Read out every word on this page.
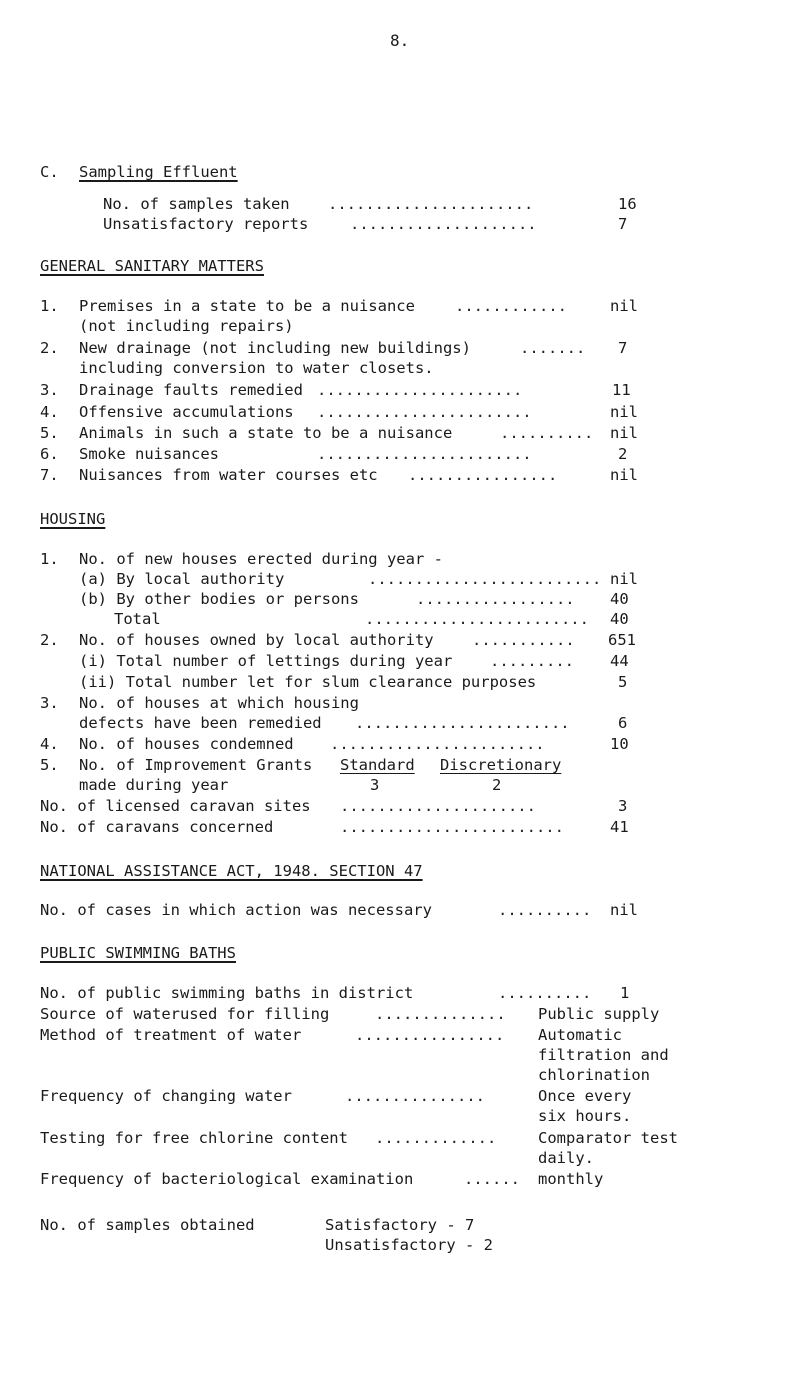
8.
C. Sampling Effluent
No. of samples taken ......................	16
Unsatisfactory reports	....................	7
GENERAL SANITARY MATTERS
1. Premises in a state to be a nuisance	............	nil
(not including repairs)
2. New drainage (not including new buildings)	....... 7
including conversion to water closets.
3. Drainage faults remedied ......................	11
4. Offensive accumulations .......................	nil
5. Animals in such a state to be a nuisance	.......... nil
6. Smoke nuisances	.......................	2
7. Nuisances from water courses etc ................	nil
HOUSING
1. No. of new houses erected during year -
(a) By local authority	......................... nil
(b) By other bodies or persons	................. 40
Total	........................ 40
2. No. of houses owned by local authority ........... 651
(i) Total number of lettings during year ......... 44
(ii) Total number let for slum clearance purposes	5
3. No. of houses at which housing
defects have been remedied .......................	6
4. No. of houses condemned .......................	10
5. No. of Improvement Grants Standard Discretionary
made during year	3	2
No. of licensed caravan sites .....................	3
No. of caravans concerned	........................	41
NATIONAL ASSISTANCE ACT, 1948. SECTION 47
No. of cases in which action was necessary	.......... nil
PUBLIC SWIMMING BATHS
No. of public swimming baths in district	.......... 1
Source of waterused for filling	.............. Public supply
Method of treatment of water	................ Automatic
filtration and
chlorination
Frequency of changing water	...............	Once every
six hours.
Testing for free chlorine content .............	Comparator test
daily.
Frequency of bacteriological examination	...... monthly
No. of samples obtained	Satisfactory - 7
Unsatisfactory - 2
